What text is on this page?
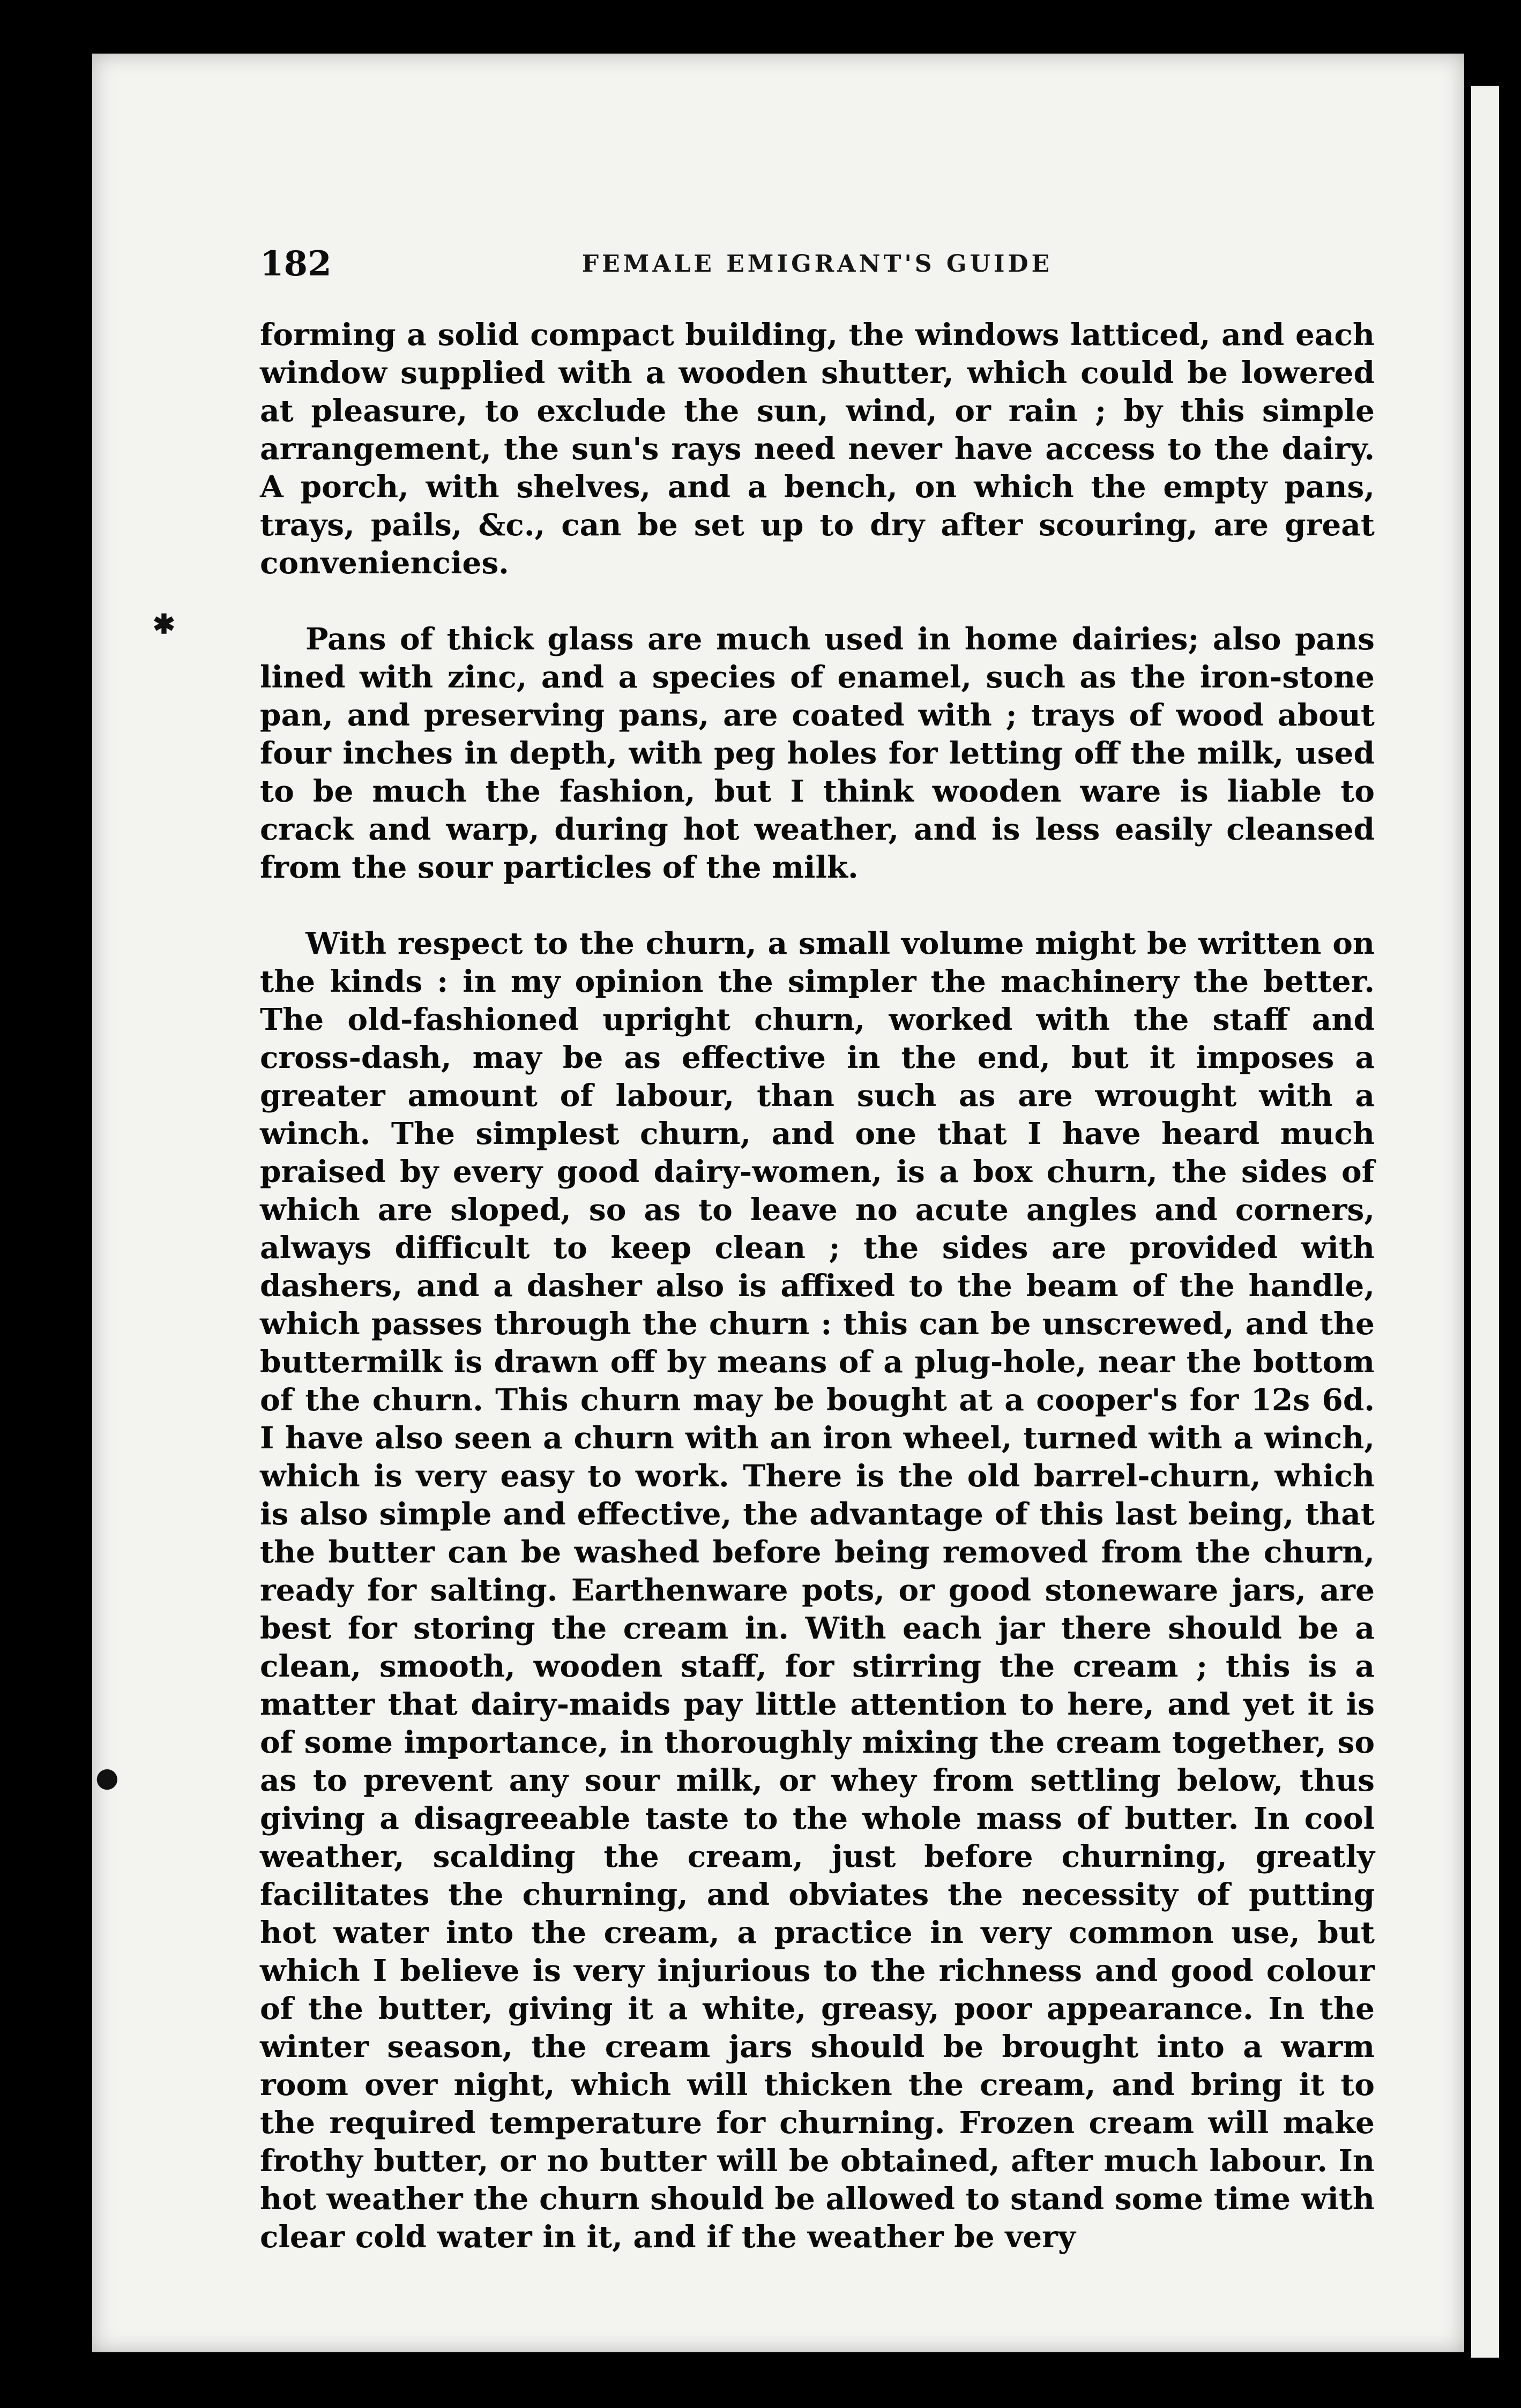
182	FEMALE EMIGRANT'S GUIDE

forming a solid compact building, the windows latticed, and each window supplied with a wooden shutter, which could be lowered at pleasure, to exclude the sun, wind, or rain ; by this simple arrangement, the sun's rays need never have access to the dairy. A porch, with shelves, and a bench, on which the empty pans, trays, pails, &c., can be set up to dry after scouring, are great conveniencies.

Pans of thick glass are much used in home dairies; also pans lined with zinc, and a species of enamel, such as the iron-stone pan, and preserving pans, are coated with ; trays of wood about four inches in depth, with peg holes for letting off the milk, used to be much the fashion, but I think wooden ware is liable to crack and warp, during hot weather, and is less easily cleansed from the sour particles of the milk.

With respect to the churn, a small volume might be written on the kinds : in my opinion the simpler the machinery the better. The old-fashioned upright churn, worked with the staff and cross-dash, may be as effective in the end, but it imposes a greater amount of labour, than such as are wrought with a winch. The simplest churn, and one that I have heard much praised by every good dairy-women, is a box churn, the sides of which are sloped, so as to leave no acute angles and corners, always difficult to keep clean ; the sides are provided with dashers, and a dasher also is affixed to the beam of the handle, which passes through the churn : this can be unscrewed, and the buttermilk is drawn off by means of a plug-hole, near the bottom of the churn. This churn may be bought at a cooper's for 12s 6d. I have also seen a churn with an iron wheel, turned with a winch, which is very easy to work. There is the old barrel-churn, which is also simple and effective, the advantage of this last being, that the butter can be washed before being removed from the churn, ready for salting. Earthenware pots, or good stoneware jars, are best for storing the cream in. With each jar there should be a clean, smooth, wooden staff, for stirring the cream ; this is a matter that dairy-maids pay little attention to here, and yet it is of some importance, in thoroughly mixing the cream together, so as to prevent any sour milk, or whey from settling below, thus giving a disagreeable taste to the whole mass of butter. In cool weather, scalding the cream, just before churning, greatly facilitates the churning, and obviates the necessity of putting hot water into the cream, a practice in very common use, but which I believe is very injurious to the richness and good colour of the butter, giving it a white, greasy, poor appearance. In the winter season, the cream jars should be brought into a warm room over night, which will thicken the cream, and bring it to the required temperature for churning. Frozen cream will make frothy butter, or no butter will be obtained, after much labour. In hot weather the churn should be allowed to stand some time with clear cold water in it, and if the weather be very

✱
●
